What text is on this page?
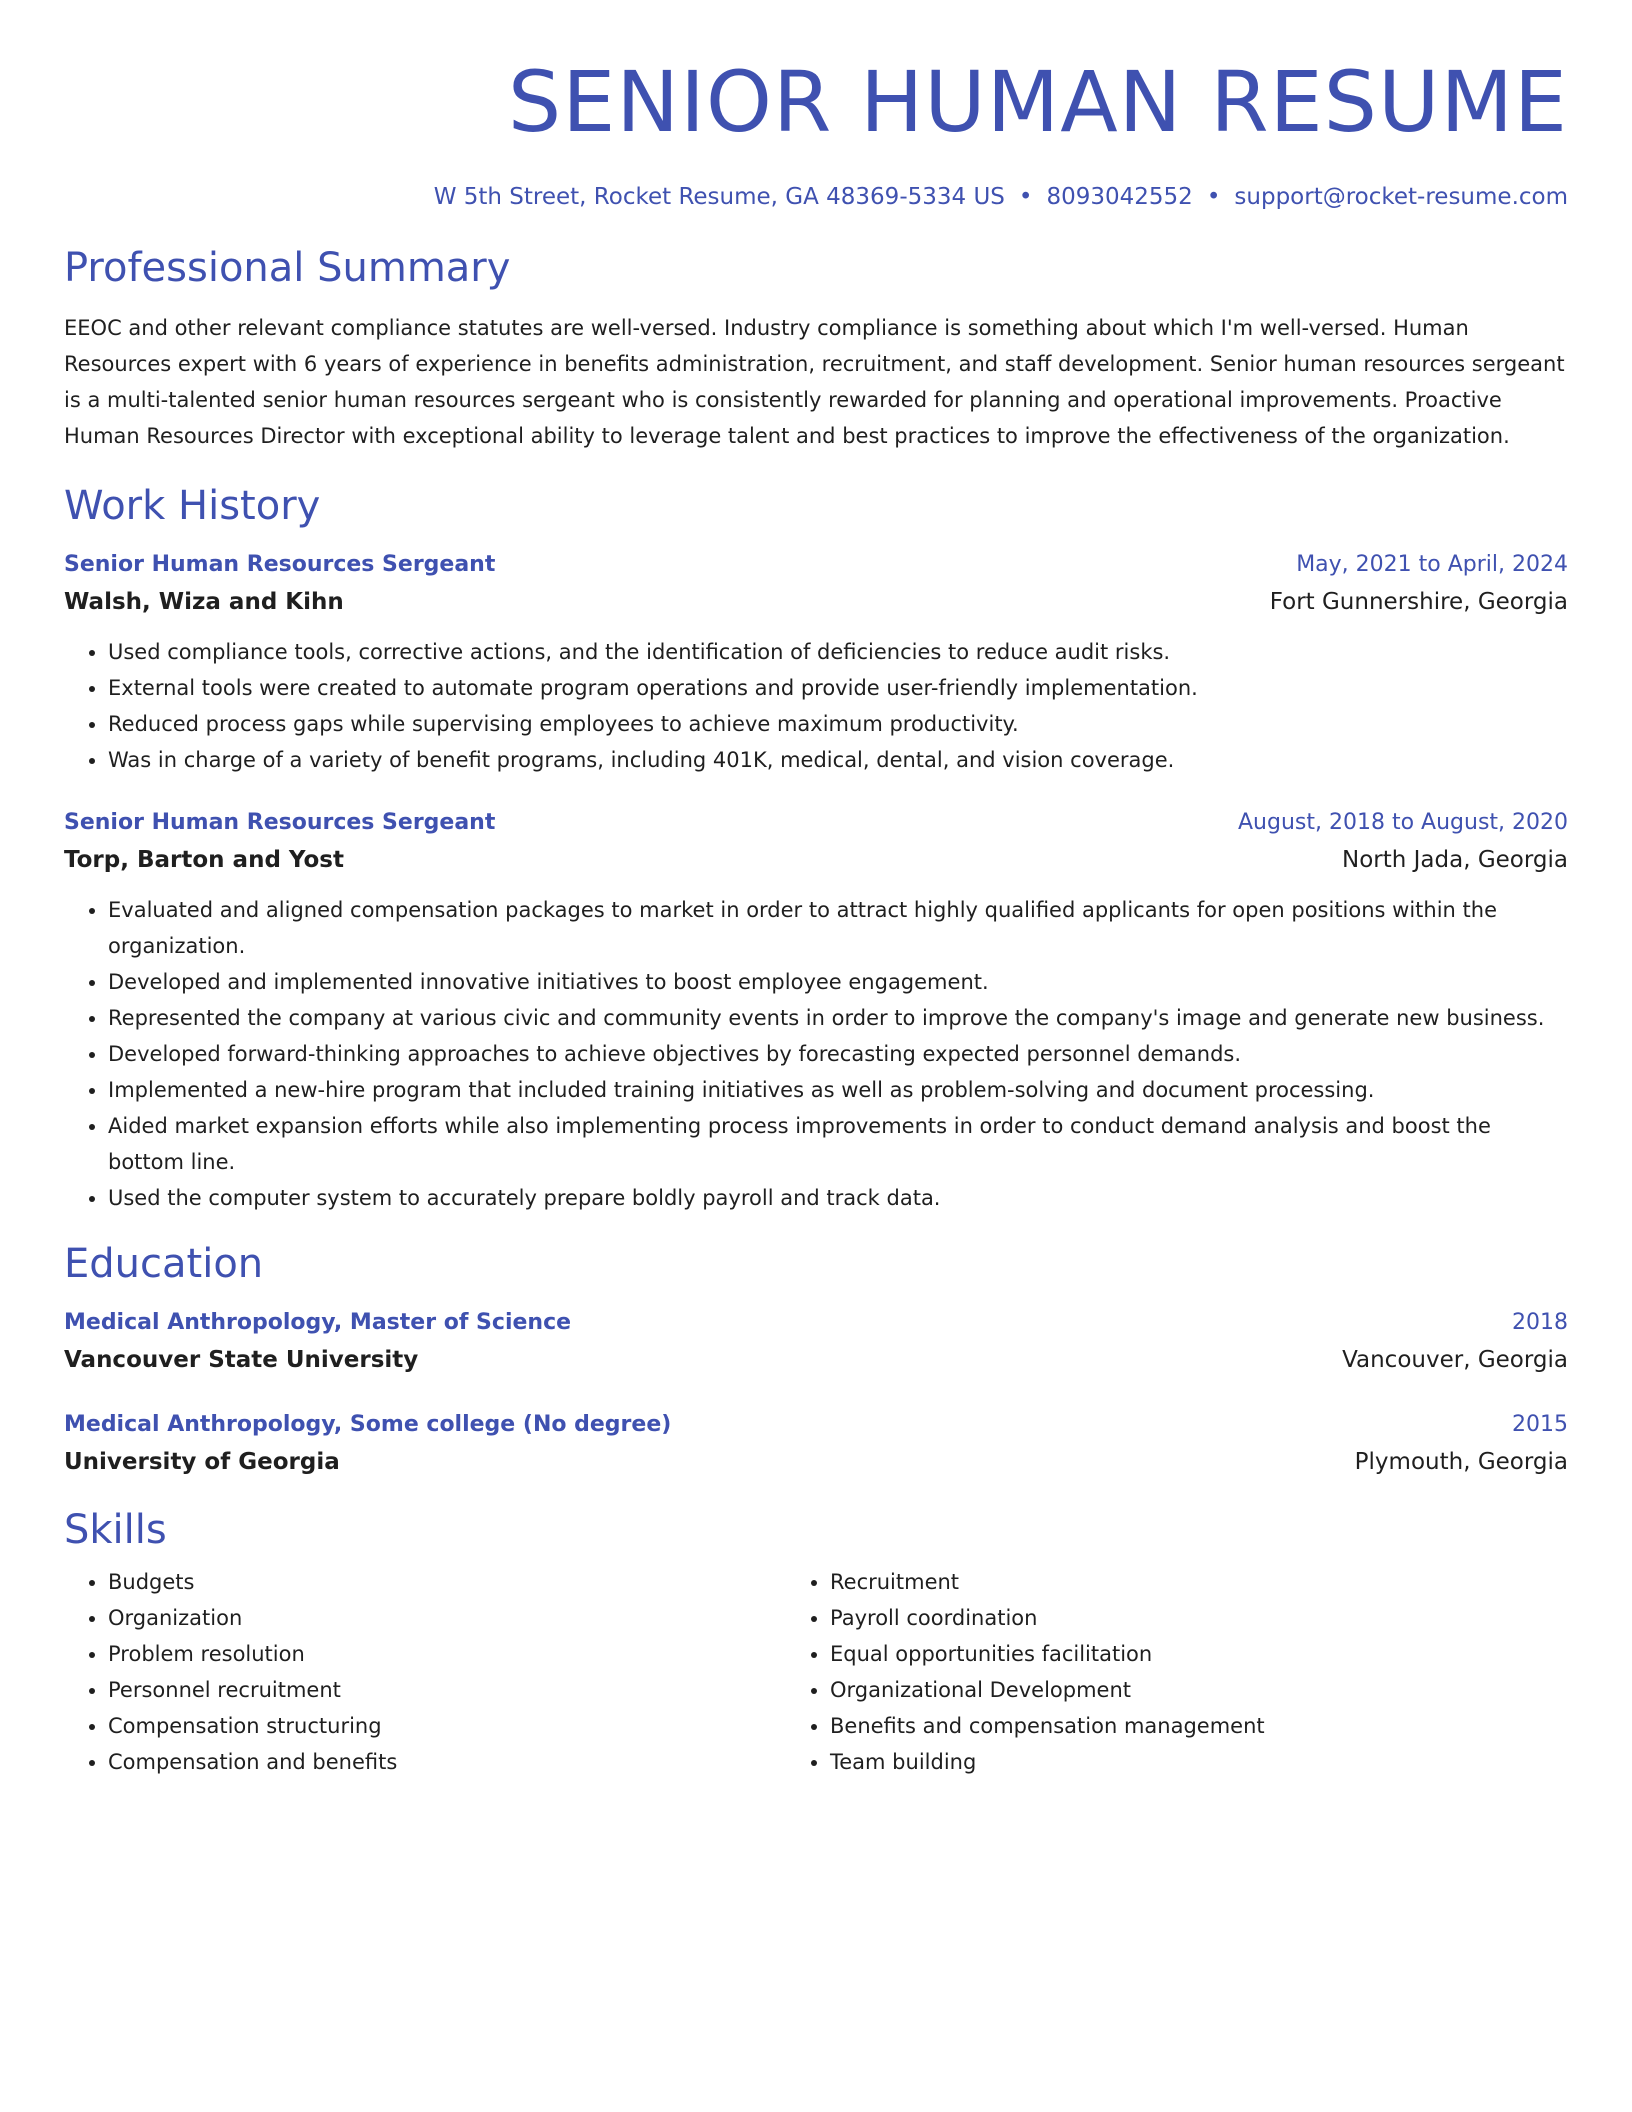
SENIOR HUMAN RESUME
W 5th Street, Rocket Resume, GA 48369-5334 US • 8093042552 • support@rocket-resume.com
Professional Summary
EEOC and other relevant compliance statutes are well-versed. Industry compliance is something about which I'm well-versed. Human Resources expert with 6 years of experience in benefits administration, recruitment, and staff development. Senior human resources sergeant is a multi-talented senior human resources sergeant who is consistently rewarded for planning and operational improvements. Proactive Human Resources Director with exceptional ability to leverage talent and best practices to improve the effectiveness of the organization.
Work History
Senior Human Resources Sergeant	May, 2021 to April, 2024
Walsh, Wiza and Kihn	Fort Gunnershire, Georgia
• Used compliance tools, corrective actions, and the identification of deficiencies to reduce audit risks.
• External tools were created to automate program operations and provide user-friendly implementation.
• Reduced process gaps while supervising employees to achieve maximum productivity.
• Was in charge of a variety of benefit programs, including 401K, medical, dental, and vision coverage.
Senior Human Resources Sergeant	August, 2018 to August, 2020
Torp, Barton and Yost	North Jada, Georgia
• Evaluated and aligned compensation packages to market in order to attract highly qualified applicants for open positions within the organization.
• Developed and implemented innovative initiatives to boost employee engagement.
• Represented the company at various civic and community events in order to improve the company's image and generate new business.
• Developed forward-thinking approaches to achieve objectives by forecasting expected personnel demands.
• Implemented a new-hire program that included training initiatives as well as problem-solving and document processing.
• Aided market expansion efforts while also implementing process improvements in order to conduct demand analysis and boost the bottom line.
• Used the computer system to accurately prepare boldly payroll and track data.
Education
Medical Anthropology, Master of Science	2018
Vancouver State University	Vancouver, Georgia
Medical Anthropology, Some college (No degree)	2015
University of Georgia	Plymouth, Georgia
Skills
• Budgets
• Organization
• Problem resolution
• Personnel recruitment
• Compensation structuring
• Compensation and benefits
• Recruitment
• Payroll coordination
• Equal opportunities facilitation
• Organizational Development
• Benefits and compensation management
• Team building
